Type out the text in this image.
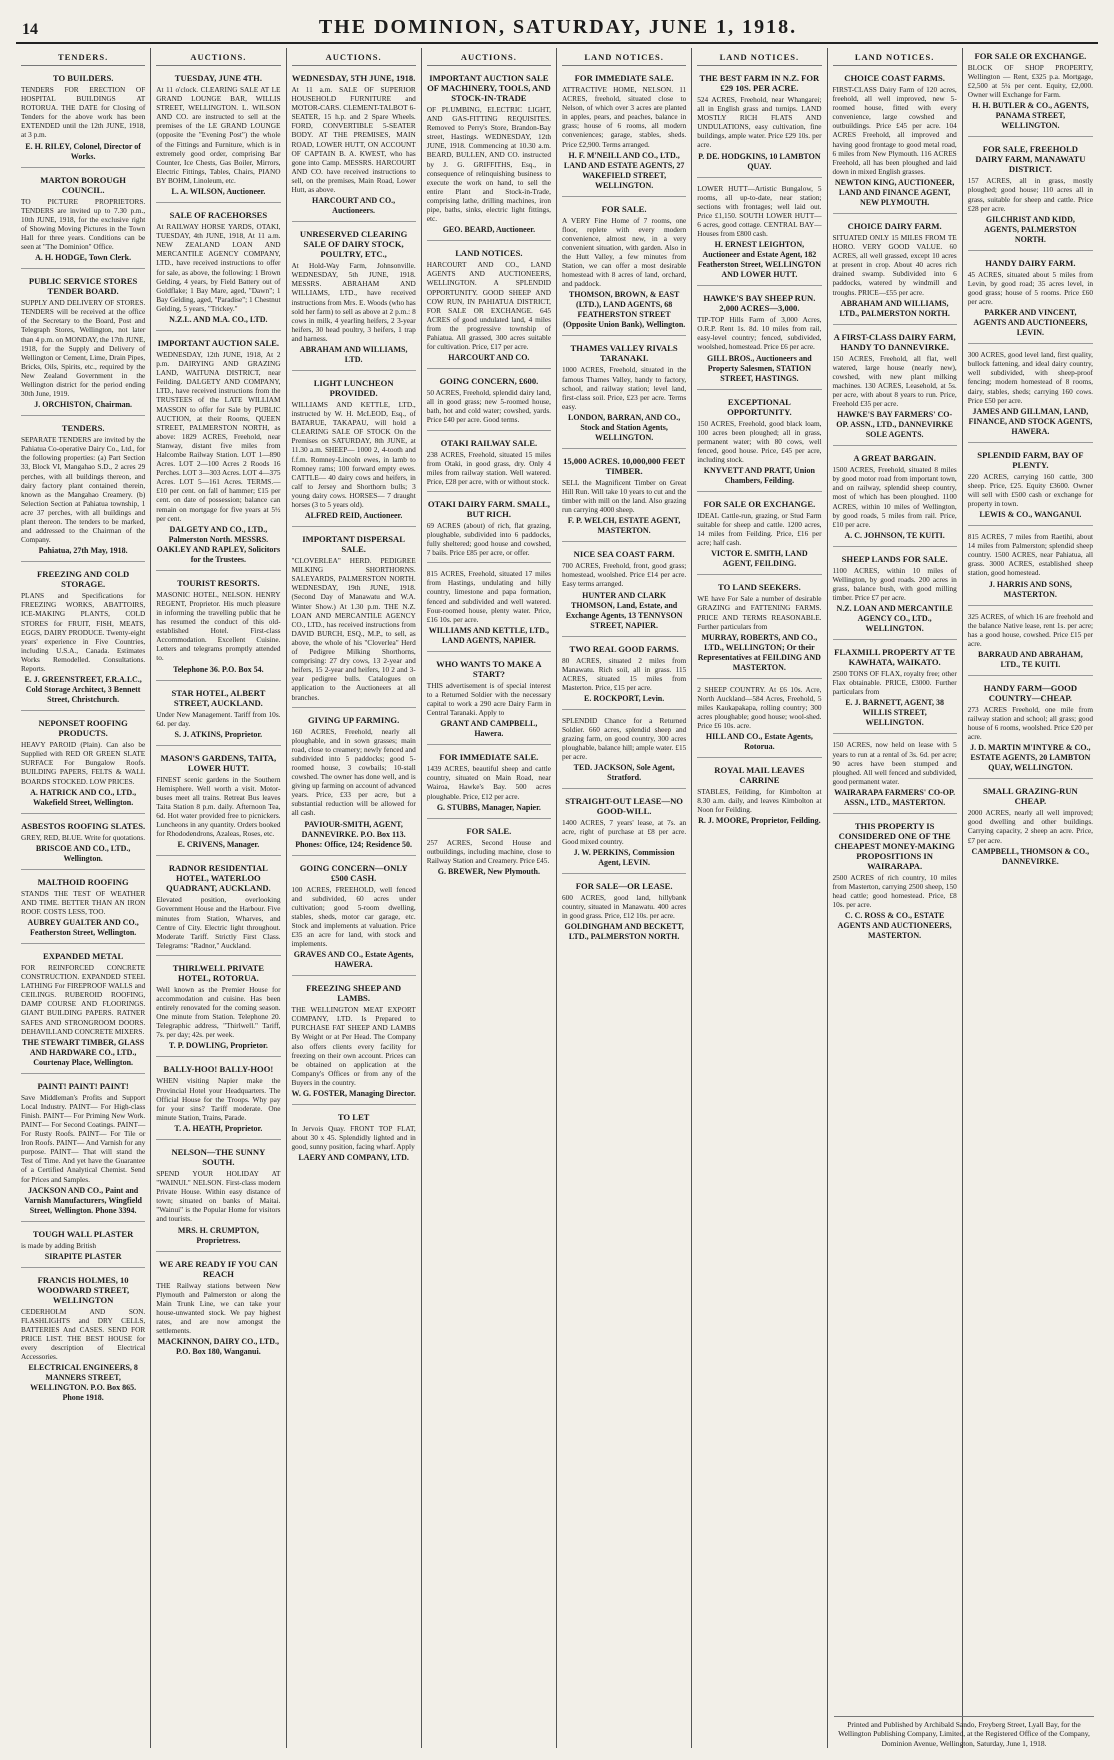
14	THE DOMINION, SATURDAY, JUNE 1, 1918.
TENDERS.
TO BUILDERS.
TENDERS FOR ERECTION OF HOSPITAL BUILDINGS AT ROTORUA. THE DATE for Closing of Tenders for the above work has been EXTENDED until the 12th JUNE, 1918, at 3 p.m.
E. H. RILEY, Colonel, Director of Works.
MARTON BOROUGH COUNCIL.
TO PICTURE PROPRIETORS. TENDERS are invited up to 7.30 p.m., 10th JUNE, 1918, for the exclusive right of Showing Moving Pictures in the Town Hall for three years. Conditions can be seen at "The Dominion" Office.
A. H. HODGE, Town Clerk.
PUBLIC SERVICE STORES TENDER BOARD.
SUPPLY AND DELIVERY OF STORES. TENDERS will be received at the office of the Secretary to the Board, Post and Telegraph Stores, Wellington, not later than 4 p.m. on MONDAY, the 17th JUNE, 1918, for the Supply and Delivery of Wellington or Cement, Lime, Drain Pipes, Bricks, Oils, Spirits, etc., required by the New Zealand Government in the Wellington district for the period ending 30th June, 1919.
J. ORCHISTON, Chairman.
TENDERS.
SEPARATE TENDERS are invited by the Pahiatua Co-operative Dairy Co., Ltd., for the following properties: (a) Part Section 33, Block VI, Mangahao S.D., 2 acres 29 perches, with all buildings thereon, and dairy factory plant contained therein, known as the Mangahao Creamery. (b) Selection Section at Pahiatua township, 1 acre 37 perches, with all buildings and plant thereon. The tenders to be marked, and addressed to the Chairman of the Company.
Pahiatua, 27th May, 1918.
FREEZING AND COLD STORAGE.
PLANS and Specifications for FREEZING WORKS, ABATTOIRS, ICE-MAKING PLANTS, COLD STORES for FRUIT, FISH, MEATS, EGGS, DAIRY PRODUCE. Twenty-eight years' experience in Five Countries, including U.S.A., Canada. Estimates Works Remodelled. Consultations. Reports.
E. J. GREENSTREET, F.R.A.I.C., Cold Storage Architect, 3 Bennett Street, Christchurch.
NEPONSET ROOFING PRODUCTS.
HEAVY PAROID (Plain). Can also be Supplied with RED OR GREEN SLATE SURFACE For Bungalow Roofs. BUILDING PAPERS, FELTS & WALL BOARDS STOCKED. LOW PRICES.
A. HATRICK AND CO., LTD., Wakefield Street, Wellington.
ASBESTOS ROOFING SLATES.
GREY, RED, BLUE. Write for quotations.
BRISCOE AND CO., LTD., Wellington.
MALTHOID ROOFING
STANDS THE TEST OF WEATHER AND TIME. BETTER THAN AN IRON ROOF. COSTS LESS, TOO.
AUBREY GUALTER AND CO., Featherston Street, Wellington.
EXPANDED METAL
FOR REINFORCED CONCRETE CONSTRUCTION. EXPANDED STEEL LATHING For FIREPROOF WALLS and CEILINGS. RUBEROID ROOFING, DAMP COURSE AND FLOORINGS. GIANT BUILDING PAPERS. RATNER SAFES AND STRONGROOM DOORS. DEHAVILLAND CONCRETE MIXERS.
THE STEWART TIMBER, GLASS AND HARDWARE CO., LTD., Courtenay Place, Wellington.
PAINT! PAINT! PAINT!
Save Middleman's Profits and Support Local Industry. PAINT— For High-class Finish. PAINT— For Priming New Work. PAINT— For Second Coatings. PAINT— For Rusty Roofs. PAINT— For Tile or Iron Roofs. PAINT— And Varnish for any purpose. PAINT— That will stand the Test of Time. And yet have the Guarantee of a Certified Analytical Chemist. Send for Prices and Samples.
JACKSON AND CO., Paint and Varnish Manufacturers, Wingfield Street, Wellington. Phone 3394.
TOUGH WALL PLASTER
is made by adding British
SIRAPITE PLASTER
FRANCIS HOLMES, 10 WOODWARD STREET, WELLINGTON
CEDERHOLM AND SON. FLASHLIGHTS and DRY CELLS, BATTERIES And CASES. SEND FOR PRICE LIST. THE BEST HOUSE for every description of Electrical Accessories.
ELECTRICAL ENGINEERS, 8 MANNERS STREET, WELLINGTON. P.O. Box 865. Phone 1918.
AUCTIONS.
TUESDAY, JUNE 4TH.
At 11 o'clock. CLEARING SALE AT LE GRAND LOUNGE BAR, WILLIS STREET, WELLINGTON. L. WILSON AND CO. are instructed to sell at the premises of the LE GRAND LOUNGE (opposite the "Evening Post") the whole of the Fittings and Furniture, which is in extremely good order, comprising Bar Counter, Ice Chests, Gas Boiler, Mirrors, Electric Fittings, Tables, Chairs, PIANO BY BOHM, Linoleum, etc.
L. A. WILSON, Auctioneer.
SALE OF RACEHORSES
At RAILWAY HORSE YARDS, OTAKI, TUESDAY, 4th JUNE, 1918, At 11 a.m. NEW ZEALAND LOAN AND MERCANTILE AGENCY COMPANY, LTD., have received instructions to offer for sale, as above, the following: 1 Brown Gelding, 4 years, by Field Battery out of Goldflake; 1 Bay Mare, aged, "Dawn"; 1 Bay Gelding, aged, "Paradise"; 1 Chestnut Gelding, 5 years, "Trickey."
N.Z.L. AND M.A. CO., LTD.
IMPORTANT AUCTION SALE.
WEDNESDAY, 12th JUNE, 1918, At 2 p.m. DAIRYING AND GRAZING LAND, WAITUNA DISTRICT, near Feilding. DALGETY AND COMPANY, LTD., have received instructions from the TRUSTEES of the LATE WILLIAM MASSON to offer for Sale by PUBLIC AUCTION, at their Rooms, QUEEN STREET, PALMERSTON NORTH, as above: 1829 ACRES, Freehold, near Stanway, distant five miles from Halcombe Railway Station. LOT 1—890 Acres. LOT 2—100 Acres 2 Roods 16 Perches. LOT 3—303 Acres. LOT 4—375 Acres. LOT 5—161 Acres. TERMS.—£10 per cent. on fall of hammer; £15 per cent. on date of possession; balance can remain on mortgage for five years at 5½ per cent.
DALGETY AND CO., LTD., Palmerston North. MESSRS. OAKLEY AND RAPLEY, Solicitors for the Trustees.
TOURIST RESORTS.
MASONIC HOTEL, NELSON. HENRY REGENT, Proprietor. His much pleasure in informing the travelling public that he has resumed the conduct of this old-established Hotel. First-class Accommodation. Excellent Cuisine. Letters and telegrams promptly attended to.
Telephone 36. P.O. Box 54.
STAR HOTEL, ALBERT STREET, AUCKLAND.
Under New Management. Tariff from 10s. 6d. per day.
S. J. ATKINS, Proprietor.
MASON'S GARDENS, TAITA, LOWER HUTT.
FINEST scenic gardens in the Southern Hemisphere. Well worth a visit. Motor-buses meet all trains. Retreat Bus leaves Taita Station 8 p.m. daily. Afternoon Tea, 6d. Hot water provided free to picnickers. Luncheons in any quantity. Orders booked for Rhododendrons, Azaleas, Roses, etc.
E. CRIVENS, Manager.
RADNOR RESIDENTIAL HOTEL, WATERLOO QUADRANT, AUCKLAND.
Elevated position, overlooking Government House and the Harbour. Five minutes from Station, Wharves, and Centre of City. Electric light throughout. Moderate Tariff. Strictly First Class. Telegrams: "Radnor," Auckland.
THIRLWELL PRIVATE HOTEL, ROTORUA.
Well known as the Premier House for accommodation and cuisine. Has been entirely renovated for the coming season. One minute from Station. Telephone 20. Telegraphic address, "Thirlwell." Tariff, 7s. per day; 42s. per week.
T. P. DOWLING, Proprietor.
BALLY-HOO! BALLY-HOO!
WHEN visiting Napier make the Provincial Hotel your Headquarters. The Official House for the Troops. Why pay for your sins? Tariff moderate. One minute Station, Trains, Parade.
T. A. HEATH, Proprietor.
NELSON—THE SUNNY SOUTH.
SPEND YOUR HOLIDAY AT "WAINUI." NELSON. First-class modern Private House. Within easy distance of town; situated on banks of Maitai. "Wainui" is the Popular Home for visitors and tourists.
MRS. H. CRUMPTON, Proprietress.
WE ARE READY IF YOU CAN REACH
THE Railway stations between New Plymouth and Palmerston or along the Main Trunk Line, we can take your house-unwanted stock. We pay highest rates, and are now amongst the settlements.
MACKINNON, DAIRY CO., LTD., P.O. Box 180, Wanganui.
AUCTIONS.
WEDNESDAY, 5TH JUNE, 1918.
At 11 a.m. SALE OF SUPERIOR HOUSEHOLD FURNITURE and MOTOR-CARS. CLEMENT-TALBOT 6-SEATER, 15 h.p. and 2 Spare Wheels. FORD, CONVERTIBLE 5-SEATER BODY. AT THE PREMISES, MAIN ROAD, LOWER HUTT, ON ACCOUNT OF CAPTAIN B. A. KWEST, who has gone into Camp. MESSRS. HARCOURT AND CO. have received instructions to sell, on the premises, Main Road, Lower Hutt, as above.
HARCOURT AND CO., Auctioneers.
UNRESERVED CLEARING SALE OF DAIRY STOCK, POULTRY, ETC.,
At Hold-Way Farm, Johnsonville. WEDNESDAY, 5th JUNE, 1918. MESSRS. ABRAHAM AND WILLIAMS, LTD., have received instructions from Mrs. E. Woods (who has sold her farm) to sell as above at 2 p.m.: 8 cows in milk, 4 yearling heifers, 2 3-year heifers, 30 head poultry, 3 heifers, 1 trap and harness.
ABRAHAM AND WILLIAMS, LTD.
LIGHT LUNCHEON PROVIDED.
WILLIAMS AND KETTLE, LTD., instructed by W. H. McLEOD, Esq., of BATARUE, TAKAPAU, will hold a CLEARING SALE OF STOCK On the Premises on SATURDAY, 8th JUNE, at 11.30 a.m. SHEEP— 1000 2, 4-tooth and f.f.m. Romney-Lincoln ewes, in lamb to Romney rams; 100 forward empty ewes. CATTLE— 40 dairy cows and heifers, in calf to Jersey and Shorthorn bulls; 3 young dairy cows. HORSES— 7 draught horses (3 to 5 years old).
ALFRED REID, Auctioneer.
IMPORTANT DISPERSAL SALE.
"CLOVERLEA" HERD. PEDIGREE MILKING SHORTHORNS. SALEYARDS, PALMERSTON NORTH. WEDNESDAY, 19th JUNE, 1918. (Second Day of Manawatu and W.A. Winter Show.) At 1.30 p.m. THE N.Z. LOAN AND MERCANTILE AGENCY CO., LTD., has received instructions from DAVID BURCH, ESQ., M.P., to sell, as above, the whole of his "Cloverlea" Herd of Pedigree Milking Shorthorns, comprising: 27 dry cows, 13 2-year and heifers, 15 2-year and heifers, 10 2 and 3-year pedigree bulls. Catalogues on application to the Auctioneers at all branches.
GIVING UP FARMING.
160 ACRES, Freehold, nearly all ploughable, and in sown grasses; main road, close to creamery; newly fenced and subdivided into 5 paddocks; good 5-roomed house, 3 cowbails; 10-stall cowshed. The owner has done well, and is giving up farming on account of advanced years. Price, £33 per acre, but a substantial reduction will be allowed for all cash.
PAVIOUR-SMITH, AGENT, DANNEVIRKE. P.O. Box 113. Phones: Office, 124; Residence 50.
GOING CONCERN—ONLY £500 CASH.
100 ACRES, FREEHOLD, well fenced and subdivided, 60 acres under cultivation; good 5-room dwelling, stables, sheds, motor car garage, etc. Stock and implements at valuation. Price £35 an acre for land, with stock and implements.
GRAVES AND CO., Estate Agents, HAWERA.
FREEZING SHEEP AND LAMBS.
THE WELLINGTON MEAT EXPORT COMPANY, LTD. Is Prepared to PURCHASE FAT SHEEP AND LAMBS By Weight or at Per Head. The Company also offers clients every facility for freezing on their own account. Prices can be obtained on application at the Company's Offices or from any of the Buyers in the country.
W. G. FOSTER, Managing Director.
TO LET
In Jervois Quay. FRONT TOP FLAT, about 30 x 45. Splendidly lighted and in good, sunny position, facing wharf. Apply
LAERY AND COMPANY, LTD.
AUCTIONS.
IMPORTANT AUCTION SALE OF MACHINERY, TOOLS, AND STOCK-IN-TRADE
OF PLUMBING, ELECTRIC LIGHT, AND GAS-FITTING REQUISITES. Removed to Perry's Store, Brandon-Bay street, Hastings. WEDNESDAY, 12th JUNE, 1918. Commencing at 10.30 a.m. BEARD, BULLEN, AND CO. instructed by J. G. GRIFFITHS, Esq., in consequence of relinquishing business to execute the work on hand, to sell the entire Plant and Stock-in-Trade, comprising lathe, drilling machines, iron pipe, baths, sinks, electric light fittings, etc.
GEO. BEARD, Auctioneer.
LAND NOTICES.
HARCOURT AND CO., LAND AGENTS AND AUCTIONEERS, WELLINGTON. A SPLENDID OPPORTUNITY. GOOD SHEEP AND COW RUN, IN PAHIATUA DISTRICT, FOR SALE OR EXCHANGE. 645 ACRES of good undulated land, 4 miles from the progressive township of Pahiatua. All grassed, 300 acres suitable for cultivation. Price, £17 per acre.
HARCOURT AND CO.
GOING CONCERN, £600.
50 ACRES, Freehold, splendid dairy land, all in good grass; new 5-roomed house, bath, hot and cold water; cowshed, yards. Price £40 per acre. Good terms.
OTAKI RAILWAY SALE.
238 ACRES, Freehold, situated 15 miles from Otaki, in good grass, dry. Only 4 miles from railway station. Well watered. Price, £28 per acre, with or without stock.
OTAKI DAIRY FARM. SMALL, BUT RICH.
69 ACRES (about) of rich, flat grazing, ploughable, subdivided into 6 paddocks, fully sheltered; good house and cowshed, 7 bails. Price £85 per acre, or offer.
815 ACRES, Freehold, situated 17 miles from Hastings, undulating and hilly country, limestone and papa formation, fenced and subdivided and well watered. Four-roomed house, plenty water. Price, £16 10s. per acre.
WILLIAMS AND KETTLE, LTD., LAND AGENTS, NAPIER.
WHO WANTS TO MAKE A START?
THIS advertisement is of special interest to a Returned Soldier with the necessary capital to work a 290 acre Dairy Farm in Central Taranaki. Apply to
GRANT AND CAMPBELL, Hawera.
FOR IMMEDIATE SALE.
1439 ACRES, beautiful sheep and cattle country, situated on Main Road, near Wairoa, Hawke's Bay. 500 acres ploughable. Price, £12 per acre.
G. STUBBS, Manager, Napier.
FOR SALE.
257 ACRES, Second House and outbuildings, including machine, close to Railway Station and Creamery. Price £45.
G. BREWER, New Plymouth.
LAND NOTICES.
FOR IMMEDIATE SALE.
ATTRACTIVE HOME, NELSON. 11 ACRES, freehold, situated close to Nelson, of which over 3 acres are planted in apples, pears, and peaches, balance in grass; house of 6 rooms, all modern conveniences; garage, stables, sheds. Price £2,900. Terms arranged.
H. F. M'NEILL AND CO., LTD., LAND AND ESTATE AGENTS, 27 WAKEFIELD STREET, WELLINGTON.
FOR SALE.
A VERY Fine Home of 7 rooms, one floor, replete with every modern convenience, almost new, in a very convenient situation, with garden. Also in the Hutt Valley, a few minutes from Station, we can offer a most desirable homestead with 8 acres of land, orchard, and paddock.
THOMSON, BROWN, & EAST (LTD.), LAND AGENTS, 68 FEATHERSTON STREET (Opposite Union Bank), Wellington.
THAMES VALLEY RIVALS TARANAKI.
1000 ACRES, Freehold, situated in the famous Thames Valley, handy to factory, school, and railway station; level land, first-class soil. Price, £23 per acre. Terms easy.
LONDON, BARRAN, AND CO., Stock and Station Agents, WELLINGTON.
15,000 ACRES. 10,000,000 FEET TIMBER.
SELL the Magnificent Timber on Great Hill Run. Will take 10 years to cut and the timber with mill on the land. Also grazing run carrying 4000 sheep.
F. P. WELCH, ESTATE AGENT, MASTERTON.
NICE SEA COAST FARM.
700 ACRES, Freehold, front, good grass; homestead, woolshed. Price £14 per acre. Easy terms arranged.
HUNTER AND CLARK THOMSON, Land, Estate, and Exchange Agents, 13 TENNYSON STREET, NAPIER.
TWO REAL GOOD FARMS.
80 ACRES, situated 2 miles from Manawatu. Rich soil, all in grass. 115 ACRES, situated 15 miles from Masterton. Price, £15 per acre.
E. ROCKPORT, Levin.
SPLENDID Chance for a Returned Soldier. 660 acres, splendid sheep and grazing farm, on good country, 300 acres ploughable, balance hill; ample water. £15 per acre.
TED. JACKSON, Sole Agent, Stratford.
STRAIGHT-OUT LEASE—NO GOOD-WILL.
1400 ACRES, 7 years' lease, at 7s. an acre, right of purchase at £8 per acre. Good mixed country.
J. W. PERKINS, Commission Agent, LEVIN.
FOR SALE—OR LEASE.
600 ACRES, good land, hillybank country, situated in Manawatu. 400 acres in good grass. Price, £12 10s. per acre.
GOLDINGHAM AND BECKETT, LTD., PALMERSTON NORTH.
LAND NOTICES.
THE BEST FARM IN N.Z. FOR £29 10S. PER ACRE.
524 ACRES, Freehold, near Whangarei; all in English grass and turnips. LAND MOSTLY RICH FLATS AND UNDULATIONS, easy cultivation, fine buildings, ample water. Price £29 10s. per acre.
P. DE. HODGKINS, 10 LAMBTON QUAY.
LOWER HUTT—Artistic Bungalow, 5 rooms, all up-to-date, near station; sections with frontages; well laid out. Price £1,150. SOUTH LOWER HUTT—6 acres, good cottage. CENTRAL BAY—Houses from £800 cash.
H. ERNEST LEIGHTON, Auctioneer and Estate Agent, 182 Featherston Street, WELLINGTON AND LOWER HUTT.
HAWKE'S BAY SHEEP RUN. 2,000 ACRES—3,000.
TIP-TOP Hills Farm of 3,000 Acres, O.R.P. Rent 1s. 8d. 10 miles from rail, easy-level country; fenced, subdivided, woolshed, homestead. Price £6 per acre.
GILL BROS., Auctioneers and Property Salesmen, STATION STREET, HASTINGS.
EXCEPTIONAL OPPORTUNITY.
150 ACRES, Freehold, good black loam, 100 acres been ploughed; all in grass, permanent water; with 80 cows, well fenced, good house. Price, £45 per acre, including stock.
KNYVETT AND PRATT, Union Chambers, Feilding.
FOR SALE OR EXCHANGE.
IDEAL Cattle-run, grazing, or Stud Farm suitable for sheep and cattle. 1200 acres, 14 miles from Feilding. Price, £16 per acre; half cash.
VICTOR E. SMITH, LAND AGENT, FEILDING.
TO LAND SEEKERS.
WE have For Sale a number of desirable GRAZING and FATTENING FARMS. PRICE AND TERMS REASONABLE. Further particulars from
MURRAY, ROBERTS, AND CO., LTD., WELLINGTON; Or their Representatives at FEILDING AND MASTERTON.
2 SHEEP COUNTRY. At £6 10s. Acre, North Auckland—584 Acres, Freehold, 5 miles Kaukapakapa, rolling country; 300 acres ploughable; good house; wool-shed. Price £6 10s. acre.
HILL AND CO., Estate Agents, Rotorua.
ROYAL MAIL LEAVES CARRINE
STABLES, Feilding, for Kimbolton at 8.30 a.m. daily, and leaves Kimbolton at Noon for Feilding.
R. J. MOORE, Proprietor, Feilding.
LAND NOTICES.
CHOICE COAST FARMS.
FIRST-CLASS Dairy Farm of 120 acres, freehold, all well improved, new 5-roomed house, fitted with every convenience, large cowshed and outbuildings. Price £45 per acre. 104 ACRES Freehold, all improved and having good frontage to good metal road, 6 miles from New Plymouth. 116 ACRES Freehold, all has been ploughed and laid down in mixed English grasses.
NEWTON KING, AUCTIONEER, LAND AND FINANCE AGENT, NEW PLYMOUTH.
CHOICE DAIRY FARM.
SITUATED ONLY 15 MILES FROM TE HORO. VERY GOOD VALUE. 60 ACRES, all well grassed, except 10 acres at present in crop. About 40 acres rich drained swamp. Subdivided into 6 paddocks, watered by windmill and troughs. PRICE—£55 per acre.
ABRAHAM AND WILLIAMS, LTD., PALMERSTON NORTH.
A FIRST-CLASS DAIRY FARM, HANDY TO DANNEVIRKE.
150 ACRES, Freehold, all flat, well watered, large house (nearly new), cowshed, with new plant milking machines. 130 ACRES, Leasehold, at 5s. per acre, with about 8 years to run. Price, Freehold £35 per acre.
HAWKE'S BAY FARMERS' CO-OP. ASSN., LTD., DANNEVIRKE SOLE AGENTS.
A GREAT BARGAIN.
1500 ACRES, Freehold, situated 8 miles by good motor road from important town, and on railway, splendid sheep country, most of which has been ploughed. 1100 ACRES, within 10 miles of Wellington, by good roads, 5 miles from rail. Price, £10 per acre.
A. C. JOHNSON, TE KUITI.
SHEEP LANDS FOR SALE.
1100 ACRES, within 10 miles of Wellington, by good roads. 200 acres in grass, balance bush, with good milling timber. Price £7 per acre.
N.Z. LOAN AND MERCANTILE AGENCY CO., LTD., WELLINGTON.
FLAXMILL PROPERTY AT TE KAWHATA, WAIKATO.
2500 TONS OF FLAX, royalty free; other Flax obtainable. PRICE, £3000. Further particulars from
E. J. BARNETT, AGENT, 38 WILLIS STREET, WELLINGTON.
150 ACRES, now held on lease with 5 years to run at a rental of 3s. 6d. per acre; 90 acres have been stumped and ploughed. All well fenced and subdivided, good permanent water.
WAIRARAPA FARMERS' CO-OP. ASSN., LTD., MASTERTON.
THIS PROPERTY IS CONSIDERED ONE OF THE CHEAPEST MONEY-MAKING PROPOSITIONS IN WAIRARAPA.
2500 ACRES of rich country, 10 miles from Masterton, carrying 2500 sheep, 150 head cattle; good homestead. Price, £8 10s. per acre.
C. C. ROSS & CO., ESTATE AGENTS AND AUCTIONEERS, MASTERTON.
FOR SALE OR EXCHANGE.
BLOCK OF SHOP PROPERTY, Wellington — Rent, £325 p.a. Mortgage, £2,500 at 5¼ per cent. Equity, £2,000. Owner will Exchange for Farm.
H. H. BUTLER & CO., AGENTS, PANAMA STREET, WELLINGTON.
FOR SALE, FREEHOLD DAIRY FARM, MANAWATU DISTRICT.
157 ACRES, all in grass, mostly ploughed; good house; 110 acres all in grass, suitable for sheep and cattle. Price £28 per acre.
GILCHRIST AND KIDD, AGENTS, PALMERSTON NORTH.
HANDY DAIRY FARM.
45 ACRES, situated about 5 miles from Levin, by good road; 35 acres level, in good grass; house of 5 rooms. Price £60 per acre.
PARKER AND VINCENT, AGENTS AND AUCTIONEERS, LEVIN.
300 ACRES, good level land, first quality, bullock fattening, and ideal dairy country, well subdivided, with sheep-proof fencing; modern homestead of 8 rooms, dairy, stables, sheds; carrying 160 cows. Price £50 per acre.
JAMES AND GILLMAN, LAND, FINANCE, AND STOCK AGENTS, HAWERA.
SPLENDID FARM, BAY OF PLENTY.
220 ACRES, carrying 160 cattle, 300 sheep. Price, £25. Equity £3600. Owner will sell with £500 cash or exchange for property in town.
LEWIS & CO., WANGANUI.
815 ACRES, 7 miles from Raetihi, about 14 miles from Palmerston; splendid sheep country. 1500 ACRES, near Pahiatua, all grass. 3000 ACRES, established sheep station, good homestead.
J. HARRIS AND SONS, MASTERTON.
325 ACRES, of which 16 are freehold and the balance Native lease, rent 1s. per acre; has a good house, cowshed. Price £15 per acre.
BARRAUD AND ABRAHAM, LTD., TE KUITI.
HANDY FARM—GOOD COUNTRY—CHEAP.
273 ACRES Freehold, one mile from railway station and school; all grass; good house of 6 rooms, woolshed. Price £20 per acre.
J. D. MARTIN M'INTYRE & CO., ESTATE AGENTS, 20 LAMBTON QUAY, WELLINGTON.
SMALL GRAZING-RUN CHEAP.
2000 ACRES, nearly all well improved; good dwelling and other buildings. Carrying capacity, 2 sheep an acre. Price, £7 per acre.
CAMPBELL, THOMSON & CO., DANNEVIRKE.
Printed and Published by Archibald Sando, Freyberg Street, Lyall Bay, for the Wellington Publishing Company, Limited, at the Registered Office of the Company, Dominion Avenue, Wellington, Saturday, June 1, 1918.
